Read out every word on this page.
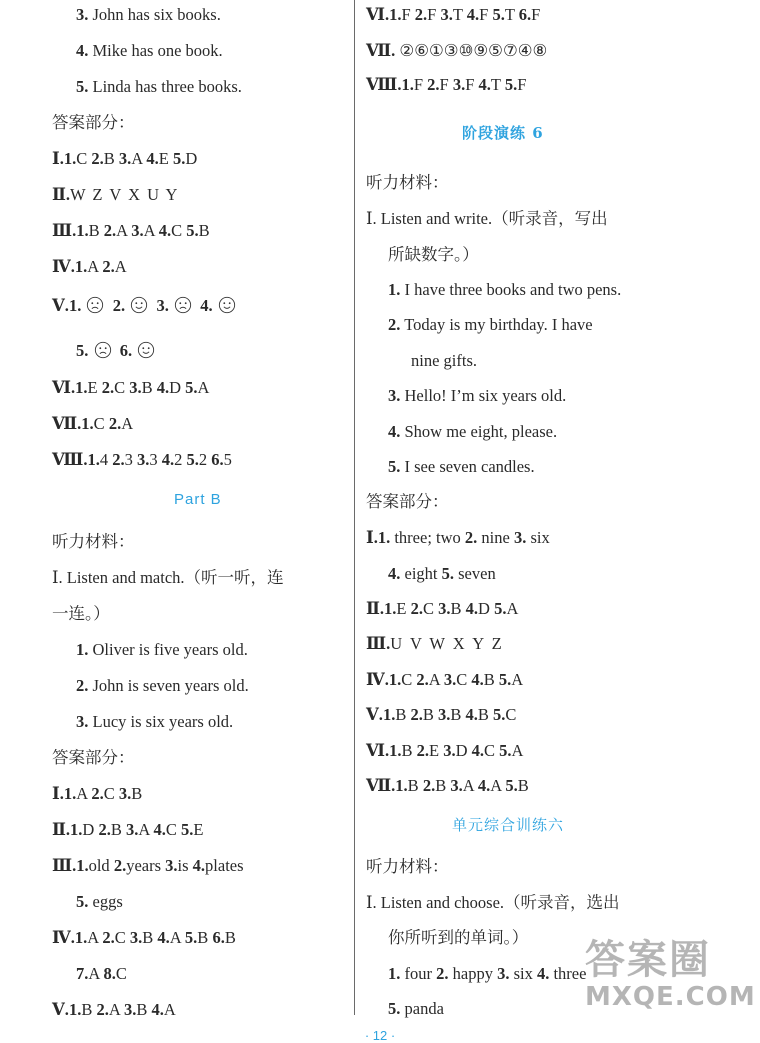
3. John has six books.
4. Mike has one book.
5. Linda has three books.
答案部分：
Ⅰ.1.C 2.B 3.A 4.E 5.D
Ⅱ.W Z V X U Y
Ⅲ.1.B 2.A 3.A 4.C 5.B
Ⅳ.1.A 2.A
Ⅴ.1. 2. 3. 4.
5. 6.
Ⅵ.1.E 2.C 3.B 4.D 5.A
Ⅶ.1.C 2.A
Ⅷ.1.4 2.3 3.3 4.2 5.2 6.5
Part B
听力材料：
Ⅰ. Listen and match.（听一听，连
一连。）
1. Oliver is five years old.
2. John is seven years old.
3. Lucy is six years old.
答案部分：
Ⅰ.1.A 2.C 3.B
Ⅱ.1.D 2.B 3.A 4.C 5.E
Ⅲ.1.old 2.years 3.is 4.plates
5. eggs
Ⅳ.1.A 2.C 3.B 4.A 5.B 6.B
7.A 8.C
Ⅴ.1.B 2.A 3.B 4.A
Ⅵ.1.F 2.F 3.T 4.F 5.T 6.F
Ⅶ. ②⑥①③⑩⑨⑤⑦④⑧
Ⅷ.1.F 2.F 3.F 4.T 5.F
阶段演练 6
听力材料：
Ⅰ. Listen and write.（听录音，写出
所缺数字。）
1. I have three books and two pens.
2. Today is my birthday. I have
nine gifts.
3. Hello! I’m six years old.
4. Show me eight, please.
5. I see seven candles.
答案部分：
Ⅰ.1. three; two 2. nine 3. six
4. eight 5. seven
Ⅱ.1.E 2.C 3.B 4.D 5.A
Ⅲ.U V W X Y Z
Ⅳ.1.C 2.A 3.C 4.B 5.A
Ⅴ.1.B 2.B 3.B 4.B 5.C
Ⅵ.1.B 2.E 3.D 4.C 5.A
Ⅶ.1.B 2.B 3.A 4.A 5.B
单元综合训练六
听力材料：
Ⅰ. Listen and choose.（听录音，选出
你所听到的单词。）
1. four 2. happy 3. six 4. three
5. panda
· 12 ·
答案圈
MXQE.COM
